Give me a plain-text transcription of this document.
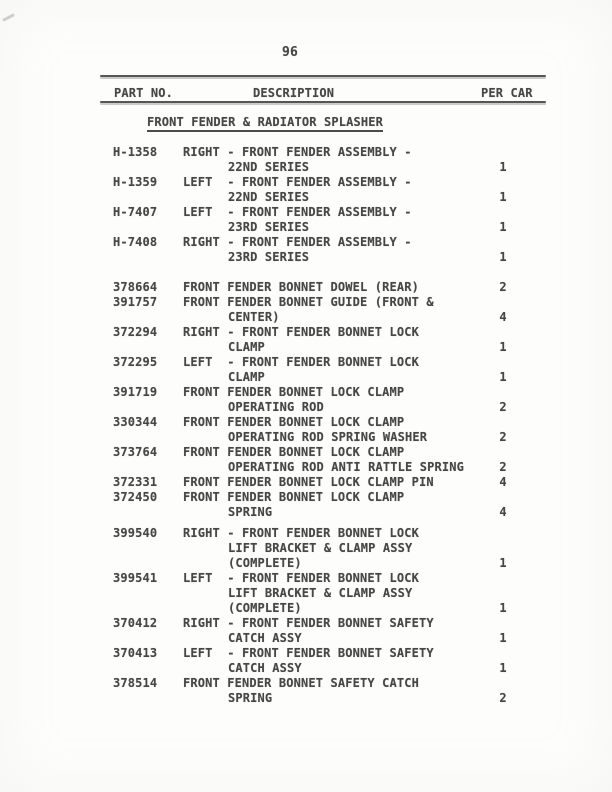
96
PART NO.	DESCRIPTION	PER CAR
FRONT FENDER & RADIATOR SPLASHER
H-1358 RIGHT - FRONT FENDER ASSEMBLY -
22ND SERIES	1
H-1359 LEFT  - FRONT FENDER ASSEMBLY -
22ND SERIES	1
H-7407 LEFT  - FRONT FENDER ASSEMBLY -
23RD SERIES	1
H-7408 RIGHT - FRONT FENDER ASSEMBLY -
23RD SERIES	1
378664 FRONT FENDER BONNET DOWEL (REAR)	2
391757 FRONT FENDER BONNET GUIDE (FRONT &
CENTER)	4
372294 RIGHT - FRONT FENDER BONNET LOCK
CLAMP	1
372295 LEFT  - FRONT FENDER BONNET LOCK
CLAMP	1
391719 FRONT FENDER BONNET LOCK CLAMP
OPERATING ROD	2
330344 FRONT FENDER BONNET LOCK CLAMP
OPERATING ROD SPRING WASHER	2
373764 FRONT FENDER BONNET LOCK CLAMP
OPERATING ROD ANTI RATTLE SPRING	2
372331 FRONT FENDER BONNET LOCK CLAMP PIN	4
372450 FRONT FENDER BONNET LOCK CLAMP
SPRING	4
399540 RIGHT - FRONT FENDER BONNET LOCK
LIFT BRACKET & CLAMP ASSY
(COMPLETE)	1
399541 LEFT  - FRONT FENDER BONNET LOCK
LIFT BRACKET & CLAMP ASSY
(COMPLETE)	1
370412 RIGHT - FRONT FENDER BONNET SAFETY
CATCH ASSY	1
370413 LEFT  - FRONT FENDER BONNET SAFETY
CATCH ASSY	1
378514 FRONT FENDER BONNET SAFETY CATCH
SPRING	2
